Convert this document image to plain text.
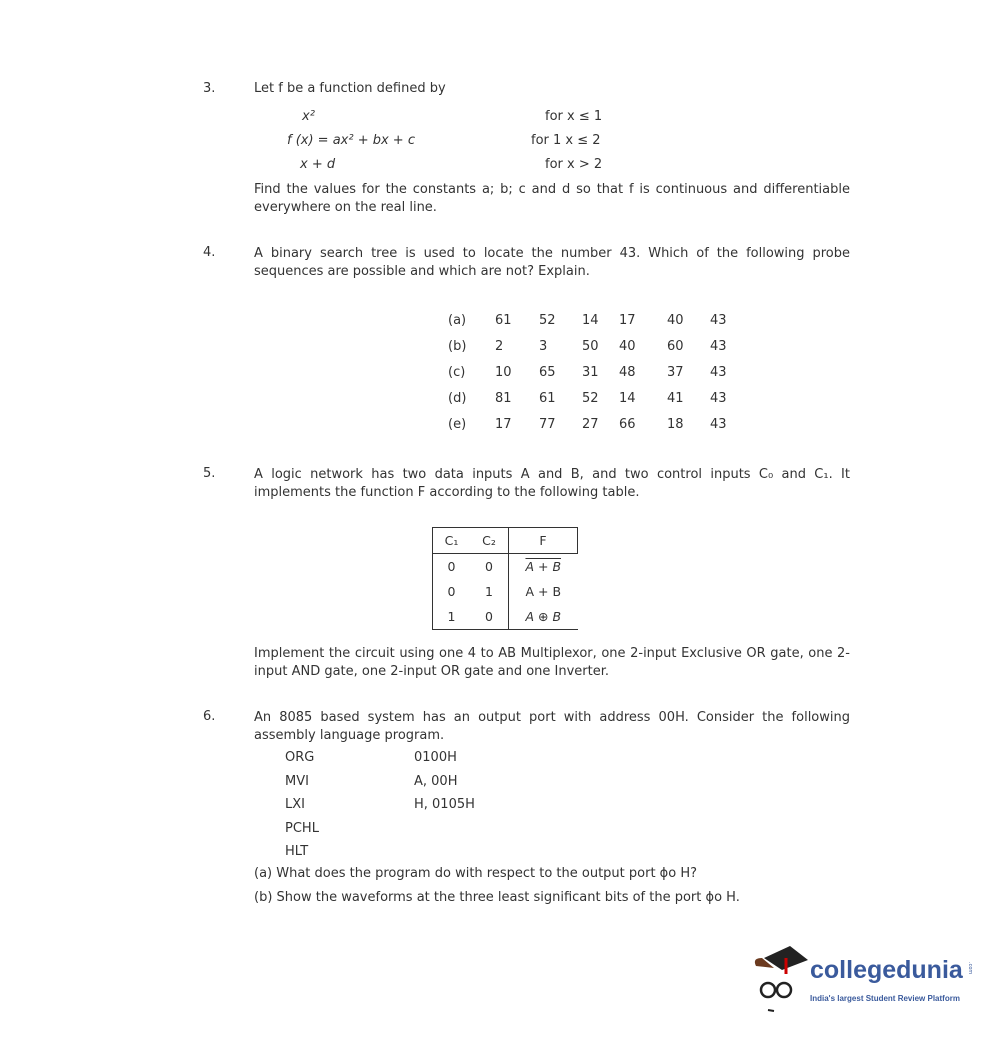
3.	Let f be a function defined by
x²	for x ≤ 1
f (x) = ax² + bx + c	for 1 x ≤ 2
x + d	for x > 2
Find the values for the constants a; b; c and d so that f is continuous and differentiable everywhere on the real line.
4.	A binary search tree is used to locate the number 43. Which of the following probe sequences are possible and which are not? Explain.
(a)	61	52	14	17	40	43
(b)	2	3	50	40	60	43
(c)	10	65	31	48	37	43
(d)	81	61	52	14	41	43
(e)	17	77	27	66	18	43
5.	A logic network has two data inputs A and B, and two control inputs C₀ and C₁. It implements the function F according to the following table.
C₁	C₂	F
0	0	A + B
0	1	A + B
1	0	A ⊕ B
Implement the circuit using one 4 to AB Multiplexor, one 2-input Exclusive OR gate, one 2-input AND gate, one 2-input OR gate and one Inverter.
6.	An 8085 based system has an output port with address 00H. Consider the following assembly language program.
ORG	0100H
MVI	A, 00H
LXI	H, 0105H
PCHL
HLT
(a) What does the program do with respect to the output port ϕo H?
(b) Show the waveforms at the three least significant bits of the port ϕo H.
collegedunia .com
India's largest Student Review Platform
